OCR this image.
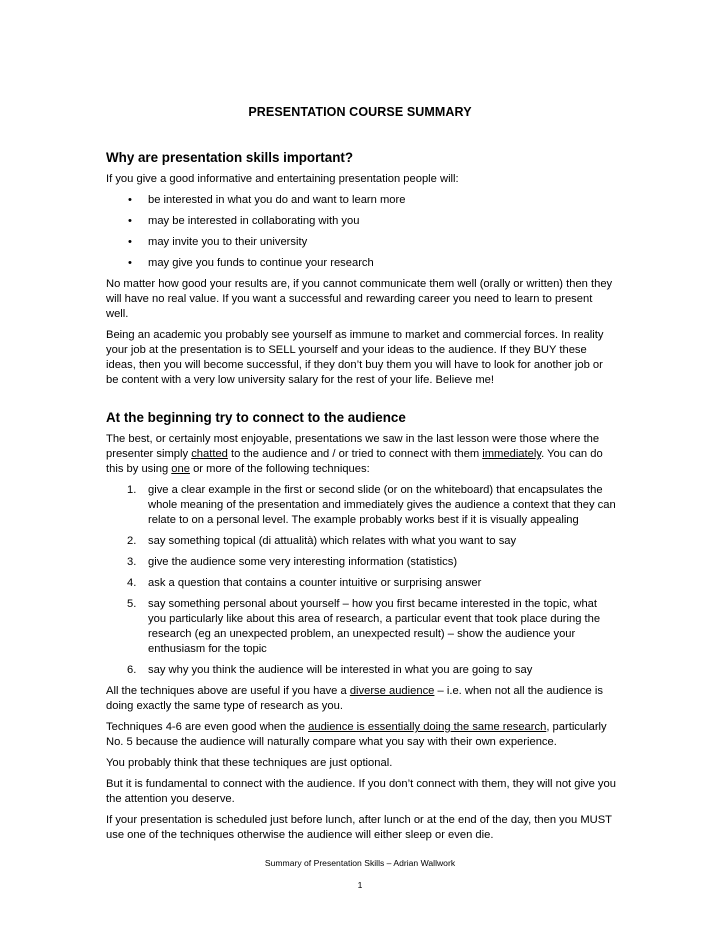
PRESENTATION COURSE SUMMARY
Why are presentation skills important?

If you give a good informative and entertaining presentation people will:

• be interested in what you do and want to learn more
• may be interested in collaborating with you
• may invite you to their university
• may give you funds to continue your research

No matter how good your results are, if you cannot communicate them well (orally or written) then they will have no real value. If you want a successful and rewarding career you need to learn to present well.

Being an academic you probably see yourself as immune to market and commercial forces. In reality your job at the presentation is to SELL yourself and your ideas to the audience. If they BUY these ideas, then you will become successful, if they don’t buy them you will have to look for another job or be content with a very low university salary for the rest of your life. Believe me!

At the beginning try to connect to the audience

The best, or certainly most enjoyable, presentations we saw in the last lesson were those where the presenter simply chatted to the audience and / or tried to connect with them immediately. You can do this by using one or more of the following techniques:

1. give a clear example in the first or second slide (or on the whiteboard) that encapsulates the whole meaning of the presentation and immediately gives the audience a context that they can relate to on a personal level. The example probably works best if it is visually appealing
2. say something topical (di attualità) which relates with what you want to say
3. give the audience some very interesting information (statistics)
4. ask a question that contains a counter intuitive or surprising answer
5. say something personal about yourself – how you first became interested in the topic, what you particularly like about this area of research, a particular event that took place during the research (eg an unexpected problem, an unexpected result) – show the audience your enthusiasm for the topic
6. say why you think the audience will be interested in what you are going to say

All the techniques above are useful if you have a diverse audience – i.e. when not all the audience is doing exactly the same type of research as you.

Techniques 4-6 are even good when the audience is essentially doing the same research, particularly No. 5 because the audience will naturally compare what you say with their own experience.

You probably think that these techniques are just optional.

But it is fundamental to connect with the audience. If you don’t connect with them, they will not give you the attention you deserve.

If your presentation is scheduled just before lunch, after lunch or at the end of the day, then you MUST use one of the techniques otherwise the audience will either sleep or even die.

Summary of Presentation Skills – Adrian Wallwork
1
